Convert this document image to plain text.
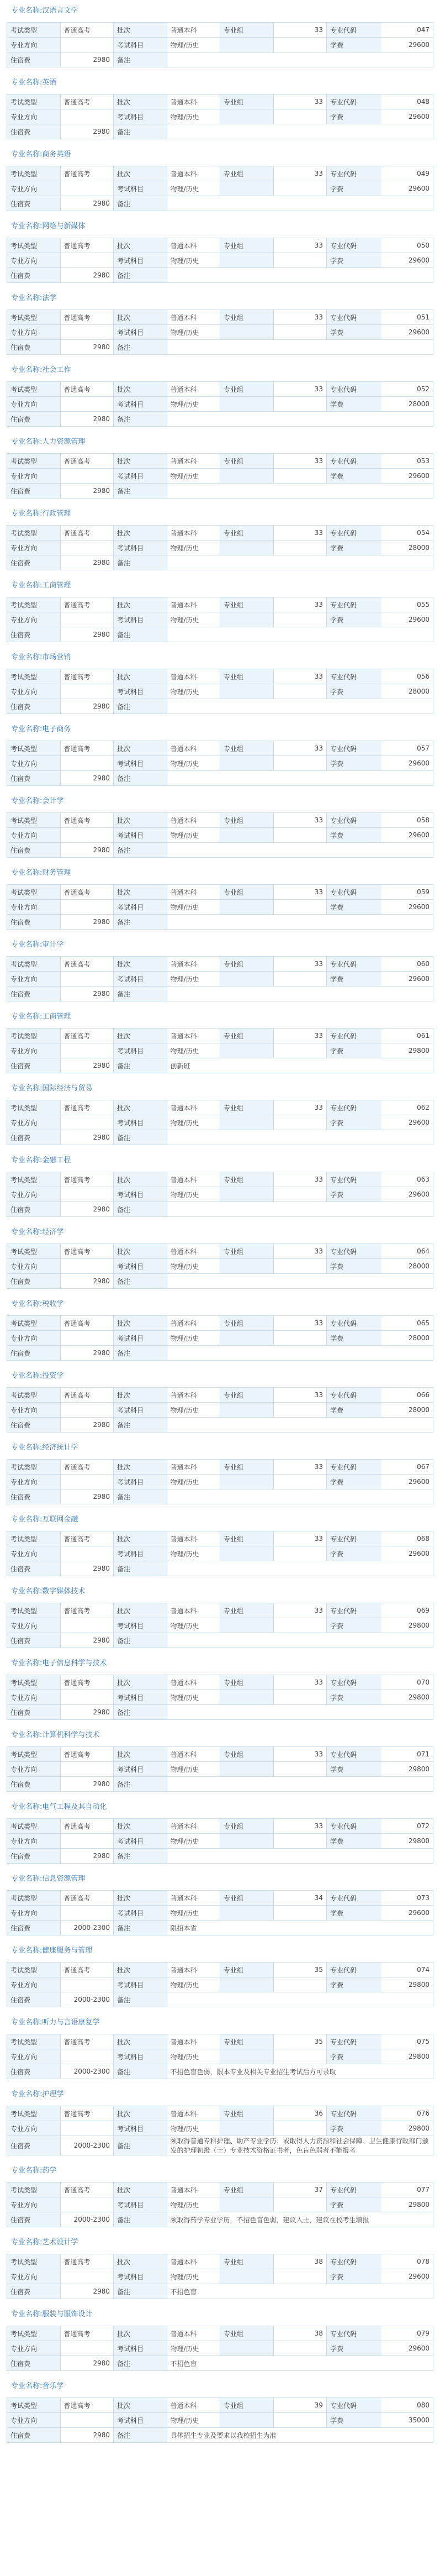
专业名称:汉语言文学
考试类型	普通高考	批次	普通本科	专业组	33	专业代码	047
专业方向		考试科目	物理/历史			学费	29600
住宿费	2980	备注					
专业名称:英语
考试类型	普通高考	批次	普通本科	专业组	33	专业代码	048
专业方向		考试科目	物理/历史			学费	29600
住宿费	2980	备注					
专业名称:商务英语
考试类型	普通高考	批次	普通本科	专业组	33	专业代码	049
专业方向		考试科目	物理/历史			学费	29600
住宿费	2980	备注					
专业名称:网络与新媒体
考试类型	普通高考	批次	普通本科	专业组	33	专业代码	050
专业方向		考试科目	物理/历史			学费	29600
住宿费	2980	备注					
专业名称:法学
考试类型	普通高考	批次	普通本科	专业组	33	专业代码	051
专业方向		考试科目	物理/历史			学费	29600
住宿费	2980	备注					
专业名称:社会工作
考试类型	普通高考	批次	普通本科	专业组	33	专业代码	052
专业方向		考试科目	物理/历史			学费	28000
住宿费	2980	备注					
专业名称:人力资源管理
考试类型	普通高考	批次	普通本科	专业组	33	专业代码	053
专业方向		考试科目	物理/历史			学费	29600
住宿费	2980	备注					
专业名称:行政管理
考试类型	普通高考	批次	普通本科	专业组	33	专业代码	054
专业方向		考试科目	物理/历史			学费	28000
住宿费	2980	备注					
专业名称:工商管理
考试类型	普通高考	批次	普通本科	专业组	33	专业代码	055
专业方向		考试科目	物理/历史			学费	29600
住宿费	2980	备注					
专业名称:市场营销
考试类型	普通高考	批次	普通本科	专业组	33	专业代码	056
专业方向		考试科目	物理/历史			学费	28000
住宿费	2980	备注					
专业名称:电子商务
考试类型	普通高考	批次	普通本科	专业组	33	专业代码	057
专业方向		考试科目	物理/历史			学费	29600
住宿费	2980	备注					
专业名称:会计学
考试类型	普通高考	批次	普通本科	专业组	33	专业代码	058
专业方向		考试科目	物理/历史			学费	29600
住宿费	2980	备注					
专业名称:财务管理
考试类型	普通高考	批次	普通本科	专业组	33	专业代码	059
专业方向		考试科目	物理/历史			学费	29600
住宿费	2980	备注					
专业名称:审计学
考试类型	普通高考	批次	普通本科	专业组	33	专业代码	060
专业方向		考试科目	物理/历史			学费	29600
住宿费	2980	备注					
专业名称:工商管理
考试类型	普通高考	批次	普通本科	专业组	33	专业代码	061
专业方向		考试科目	物理/历史			学费	29800
住宿费	2980	备注	创新班				
专业名称:国际经济与贸易
考试类型	普通高考	批次	普通本科	专业组	33	专业代码	062
专业方向		考试科目	物理/历史			学费	29600
住宿费	2980	备注					
专业名称:金融工程
考试类型	普通高考	批次	普通本科	专业组	33	专业代码	063
专业方向		考试科目	物理/历史			学费	29600
住宿费	2980	备注					
专业名称:经济学
考试类型	普通高考	批次	普通本科	专业组	33	专业代码	064
专业方向		考试科目	物理/历史			学费	28000
住宿费	2980	备注					
专业名称:税收学
考试类型	普通高考	批次	普通本科	专业组	33	专业代码	065
专业方向		考试科目	物理/历史			学费	28000
住宿费	2980	备注					
专业名称:投资学
考试类型	普通高考	批次	普通本科	专业组	33	专业代码	066
专业方向		考试科目	物理/历史			学费	28000
住宿费	2980	备注					
专业名称:经济统计学
考试类型	普通高考	批次	普通本科	专业组	33	专业代码	067
专业方向		考试科目	物理/历史			学费	29600
住宿费	2980	备注					
专业名称:互联网金融
考试类型	普通高考	批次	普通本科	专业组	33	专业代码	068
专业方向		考试科目	物理/历史			学费	29600
住宿费	2980	备注					
专业名称:数字媒体技术
考试类型	普通高考	批次	普通本科	专业组	33	专业代码	069
专业方向		考试科目	物理/历史			学费	29800
住宿费	2980	备注					
专业名称:电子信息科学与技术
考试类型	普通高考	批次	普通本科	专业组	33	专业代码	070
专业方向		考试科目	物理/历史			学费	29800
住宿费	2980	备注					
专业名称:计算机科学与技术
考试类型	普通高考	批次	普通本科	专业组	33	专业代码	071
专业方向		考试科目	物理/历史			学费	29800
住宿费	2980	备注					
专业名称:电气工程及其自动化
考试类型	普通高考	批次	普通本科	专业组	33	专业代码	072
专业方向		考试科目	物理/历史			学费	29800
住宿费	2980	备注					
专业名称:信息资源管理
考试类型	普通高考	批次	普通本科	专业组	34	专业代码	073
专业方向		考试科目	物理/历史			学费	29600
住宿费	2000-2300	备注	限招本省				
专业名称:健康服务与管理
考试类型	普通高考	批次	普通本科	专业组	35	专业代码	074
专业方向		考试科目	物理/历史			学费	29800
住宿费	2000-2300	备注					
专业名称:听力与言语康复学
考试类型	普通高考	批次	普通本科	专业组	35	专业代码	075
专业方向		考试科目	物理/历史			学费	29800
住宿费	2000-2300	备注	不招色盲色弱，限本专业及相关专业招生考试后方可录取				
专业名称:护理学
考试类型	普通高考	批次	普通本科	专业组	36	专业代码	076
专业方向		考试科目	物理/历史			学费	29800
住宿费	2000-2300	备注	须取得普通专科护理、助产专业学历；或取得人力资源和社会保障、卫生健康行政部门颁发的护理初级（士）专业技术资格证书者，色盲色弱者不能报考				
专业名称:药学
考试类型	普通高考	批次	普通本科	专业组	37	专业代码	077
专业方向		考试科目	物理/历史			学费	29800
住宿费	2000-2300	备注	须取得药学专业学历，不招色盲色弱，建议入士，建议在校考生填报				
专业名称:艺术设计学
考试类型	普通高考	批次	普通本科	专业组	38	专业代码	078
专业方向		考试科目	物理/历史			学费	29600
住宿费	2980	备注	不招色盲				
专业名称:服装与服饰设计
考试类型	普通高考	批次	普通本科	专业组	38	专业代码	079
专业方向		考试科目	物理/历史			学费	29600
住宿费	2980	备注	不招色盲				
专业名称:音乐学
考试类型	普通高考	批次	普通本科	专业组	39	专业代码	080
专业方向		考试科目	物理/历史			学费	35000
住宿费	2980	备注	具体招生专业及要求以我校招生为准				
